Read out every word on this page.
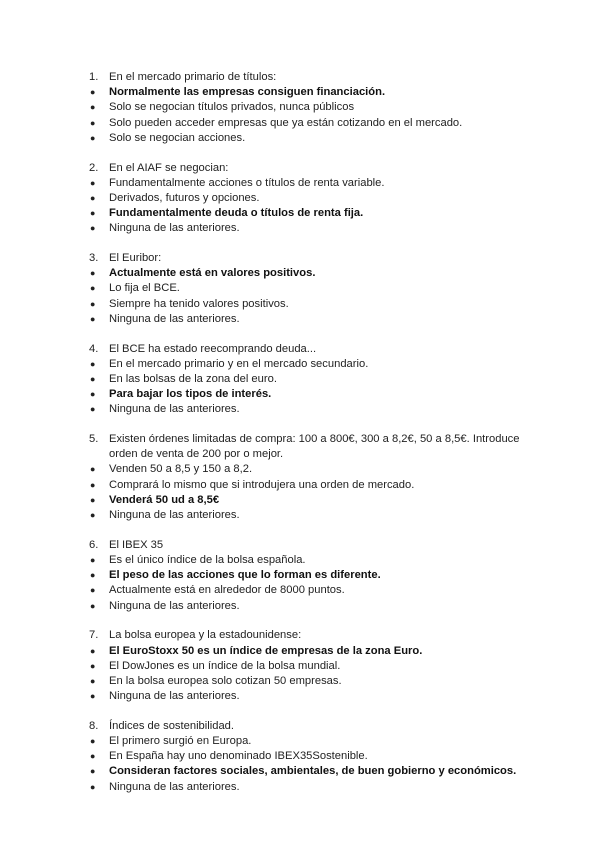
1. En el mercado primario de títulos:
● Normalmente las empresas consiguen financiación.
● Solo se negocian títulos privados, nunca públicos
● Solo pueden acceder empresas que ya están cotizando en el mercado.
● Solo se negocian acciones.
2. En el AIAF se negocian:
● Fundamentalmente acciones o títulos de renta variable.
● Derivados, futuros y opciones.
● Fundamentalmente deuda o títulos de renta fija.
● Ninguna de las anteriores.
3. El Euribor:
● Actualmente está en valores positivos.
● Lo fija el BCE.
● Siempre ha tenido valores positivos.
● Ninguna de las anteriores.
4. El BCE ha estado reecomprando deuda...
● En el mercado primario y en el mercado secundario.
● En las bolsas de la zona del euro.
● Para bajar los tipos de interés.
● Ninguna de las anteriores.
5. Existen órdenes limitadas de compra: 100 a 800€, 300 a 8,2€, 50 a 8,5€. Introduce orden de venta de 200 por o mejor.
● Venden 50 a 8,5 y 150 a 8,2.
● Comprará lo mismo que si introdujera una orden de mercado.
● Venderá 50 ud a 8,5€
● Ninguna de las anteriores.
6. El IBEX 35
● Es el único índice de la bolsa española.
● El peso de las acciones que lo forman es diferente.
● Actualmente está en alrededor de 8000 puntos.
● Ninguna de las anteriores.
7. La bolsa europea y la estadounidense:
● El EuroStoxx 50 es un índice de empresas de la zona Euro.
● El DowJones es un índice de la bolsa mundial.
● En la bolsa europea solo cotizan 50 empresas.
● Ninguna de las anteriores.
8. Índices de sostenibilidad.
● El primero surgió en Europa.
● En España hay uno denominado IBEX35Sostenible.
● Consideran factores sociales, ambientales, de buen gobierno y económicos.
● Ninguna de las anteriores.
